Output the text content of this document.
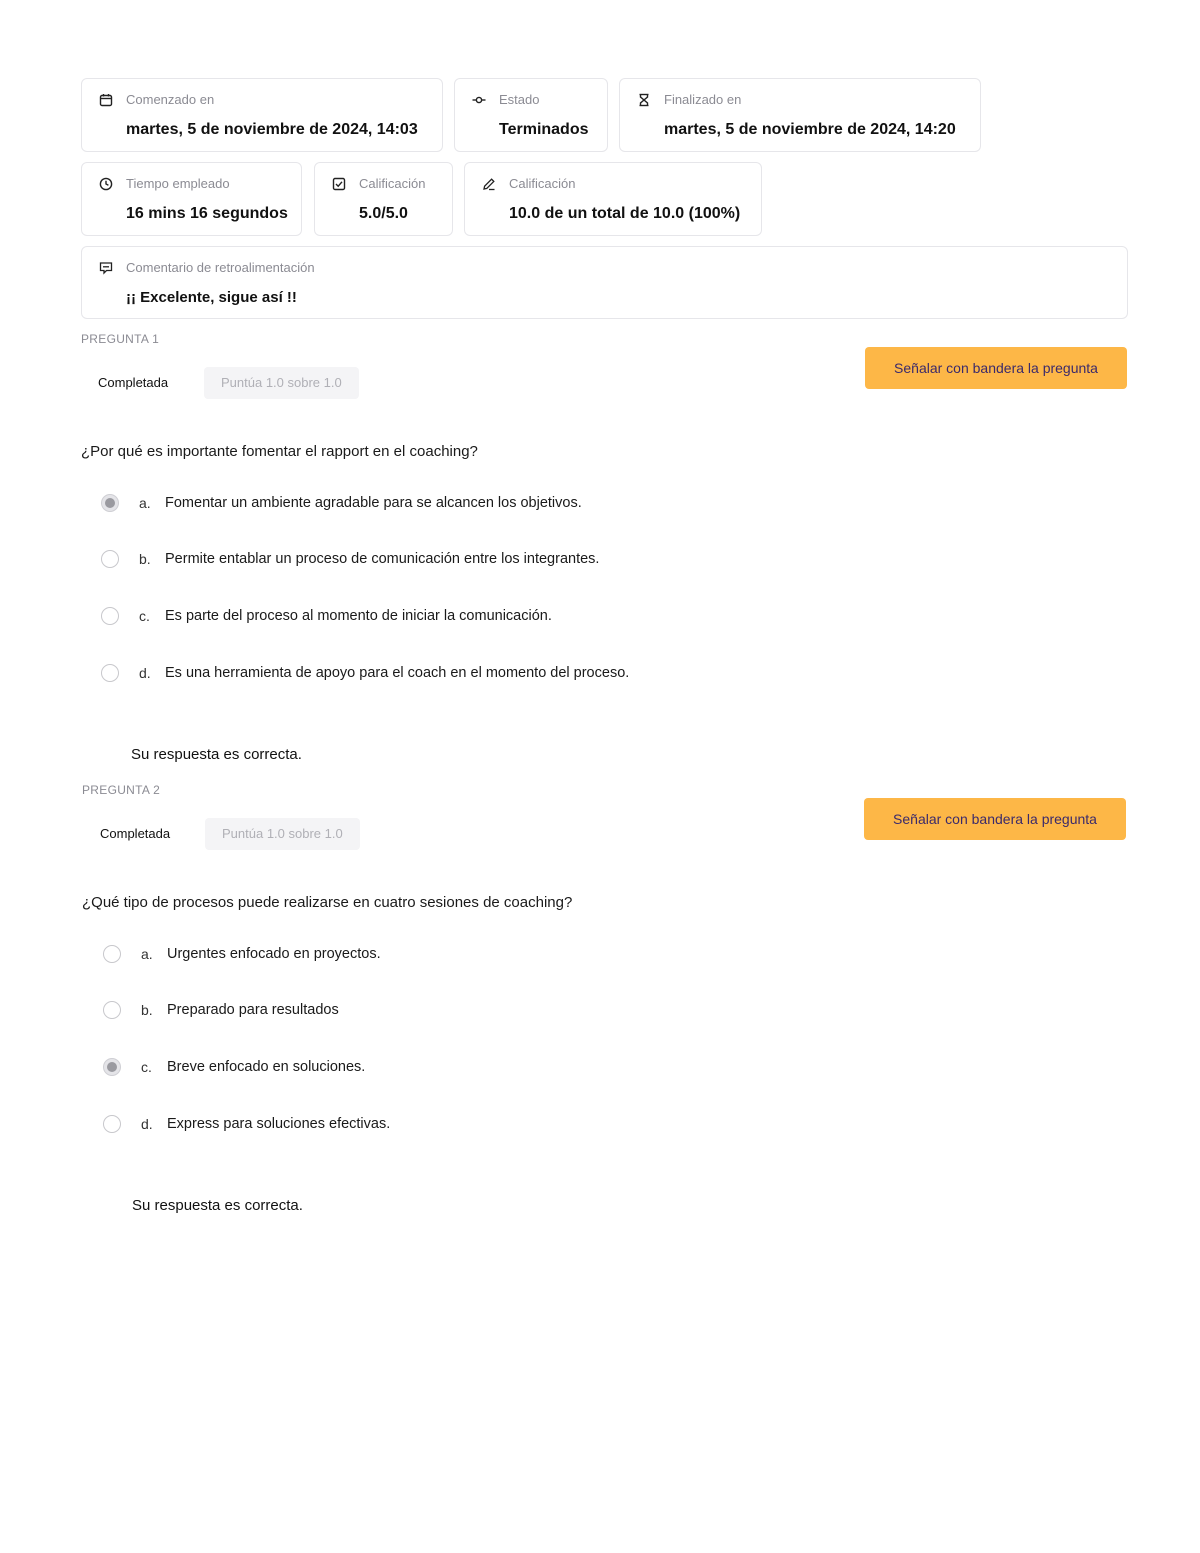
Comenzado en
martes, 5 de noviembre de 2024, 14:03
Estado
Terminados
Finalizado en
martes, 5 de noviembre de 2024, 14:20
Tiempo empleado
16 mins 16 segundos
Calificación
5.0/5.0
Calificación
10.0 de un total de 10.0 (100%)
Comentario de retroalimentación
¡¡ Excelente, sigue así !!
PREGUNTA 1
Completada	Puntúa 1.0 sobre 1.0
Señalar con bandera la pregunta
¿Por qué es importante fomentar el rapport en el coaching?
a. Fomentar un ambiente agradable para se alcancen los objetivos.
b. Permite entablar un proceso de comunicación entre los integrantes.
c.	Es parte del proceso al momento de iniciar la comunicación.
d. Es una herramienta de apoyo para el coach en el momento del proceso.
Su respuesta es correcta.
PREGUNTA 2
Completada	Puntúa 1.0 sobre 1.0
Señalar con bandera la pregunta
¿Qué tipo de procesos puede realizarse en cuatro sesiones de coaching?
a. Urgentes enfocado en proyectos.
b. Preparado para resultados
c.	Breve enfocado en soluciones.
d. Express para soluciones efectivas.
Su respuesta es correcta.
